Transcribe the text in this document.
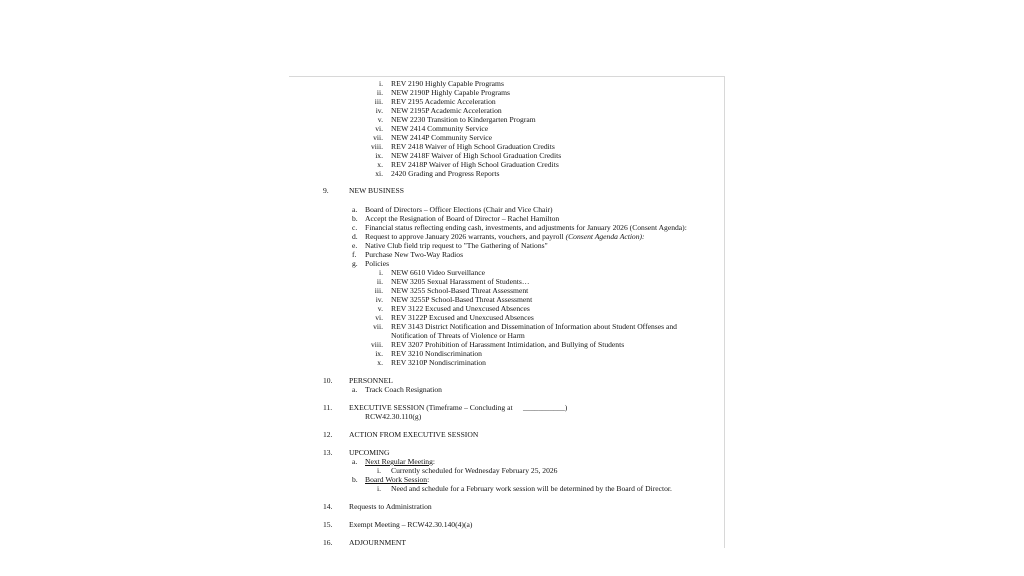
i. REV 2190 Highly Capable Programs
ii. NEW 2190P Highly Capable Programs
iii. REV 2195 Academic Acceleration
iv. NEW 2195P Academic Acceleration
v. NEW 2230 Transition to Kindergarten Program
vi. NEW 2414 Community Service
vii. NEW 2414P Community Service
viii. REV 2418 Waiver of High School Graduation Credits
ix. NEW 2418F Waiver of High School Graduation Credits
x. REV 2418P Waiver of High School Graduation Credits
xi. 2420 Grading and Progress Reports
9.	NEW BUSINESS
a. Board of Directors – Officer Elections (Chair and Vice Chair)
b. Accept the Resignation of Board of Director – Rachel Hamilton
c. Financial status reflecting ending cash, investments, and adjustments for January 2026 (Consent Agenda):
d. Request to approve January 2026 warrants, vouchers, and payroll (Consent Agenda Action):
e. Native Club field trip request to "The Gathering of Nations"
f. Purchase New Two-Way Radios
g. Policies
i. NEW 6610 Video Surveillance
ii. NEW 3205 Sexual Harassment of Students…
iii. NEW 3255 School-Based Threat Assessment
iv. NEW 3255P School-Based Threat Assessment
v. REV 3122 Excused and Unexcused Absences
vi. REV 3122P Excused and Unexcused Absences
vii. REV 3143 District Notification and Dissemination of Information about Student Offenses and
Notification of Threats of Violence or Harm
viii. REV 3207 Prohibition of Harassment Intimidation, and Bullying of Students
ix. REV 3210 Nondiscrimination
x. REV 3210P Nondiscrimination
10. PERSONNEL
a. Track Coach Resignation
11. EXECUTIVE SESSION (Timeframe – Concluding at ___________)
RCW42.30.110(g)
12. ACTION FROM EXECUTIVE SESSION
13. UPCOMING
a. Next Regular Meeting:
i. Currently scheduled for Wednesday February 25, 2026
b. Board Work Session:
i. Need and schedule for a February work session will be determined by the Board of Director.
14. Requests to Administration
15. Exempt Meeting – RCW42.30.140(4)(a)
16. ADJOURNMENT
